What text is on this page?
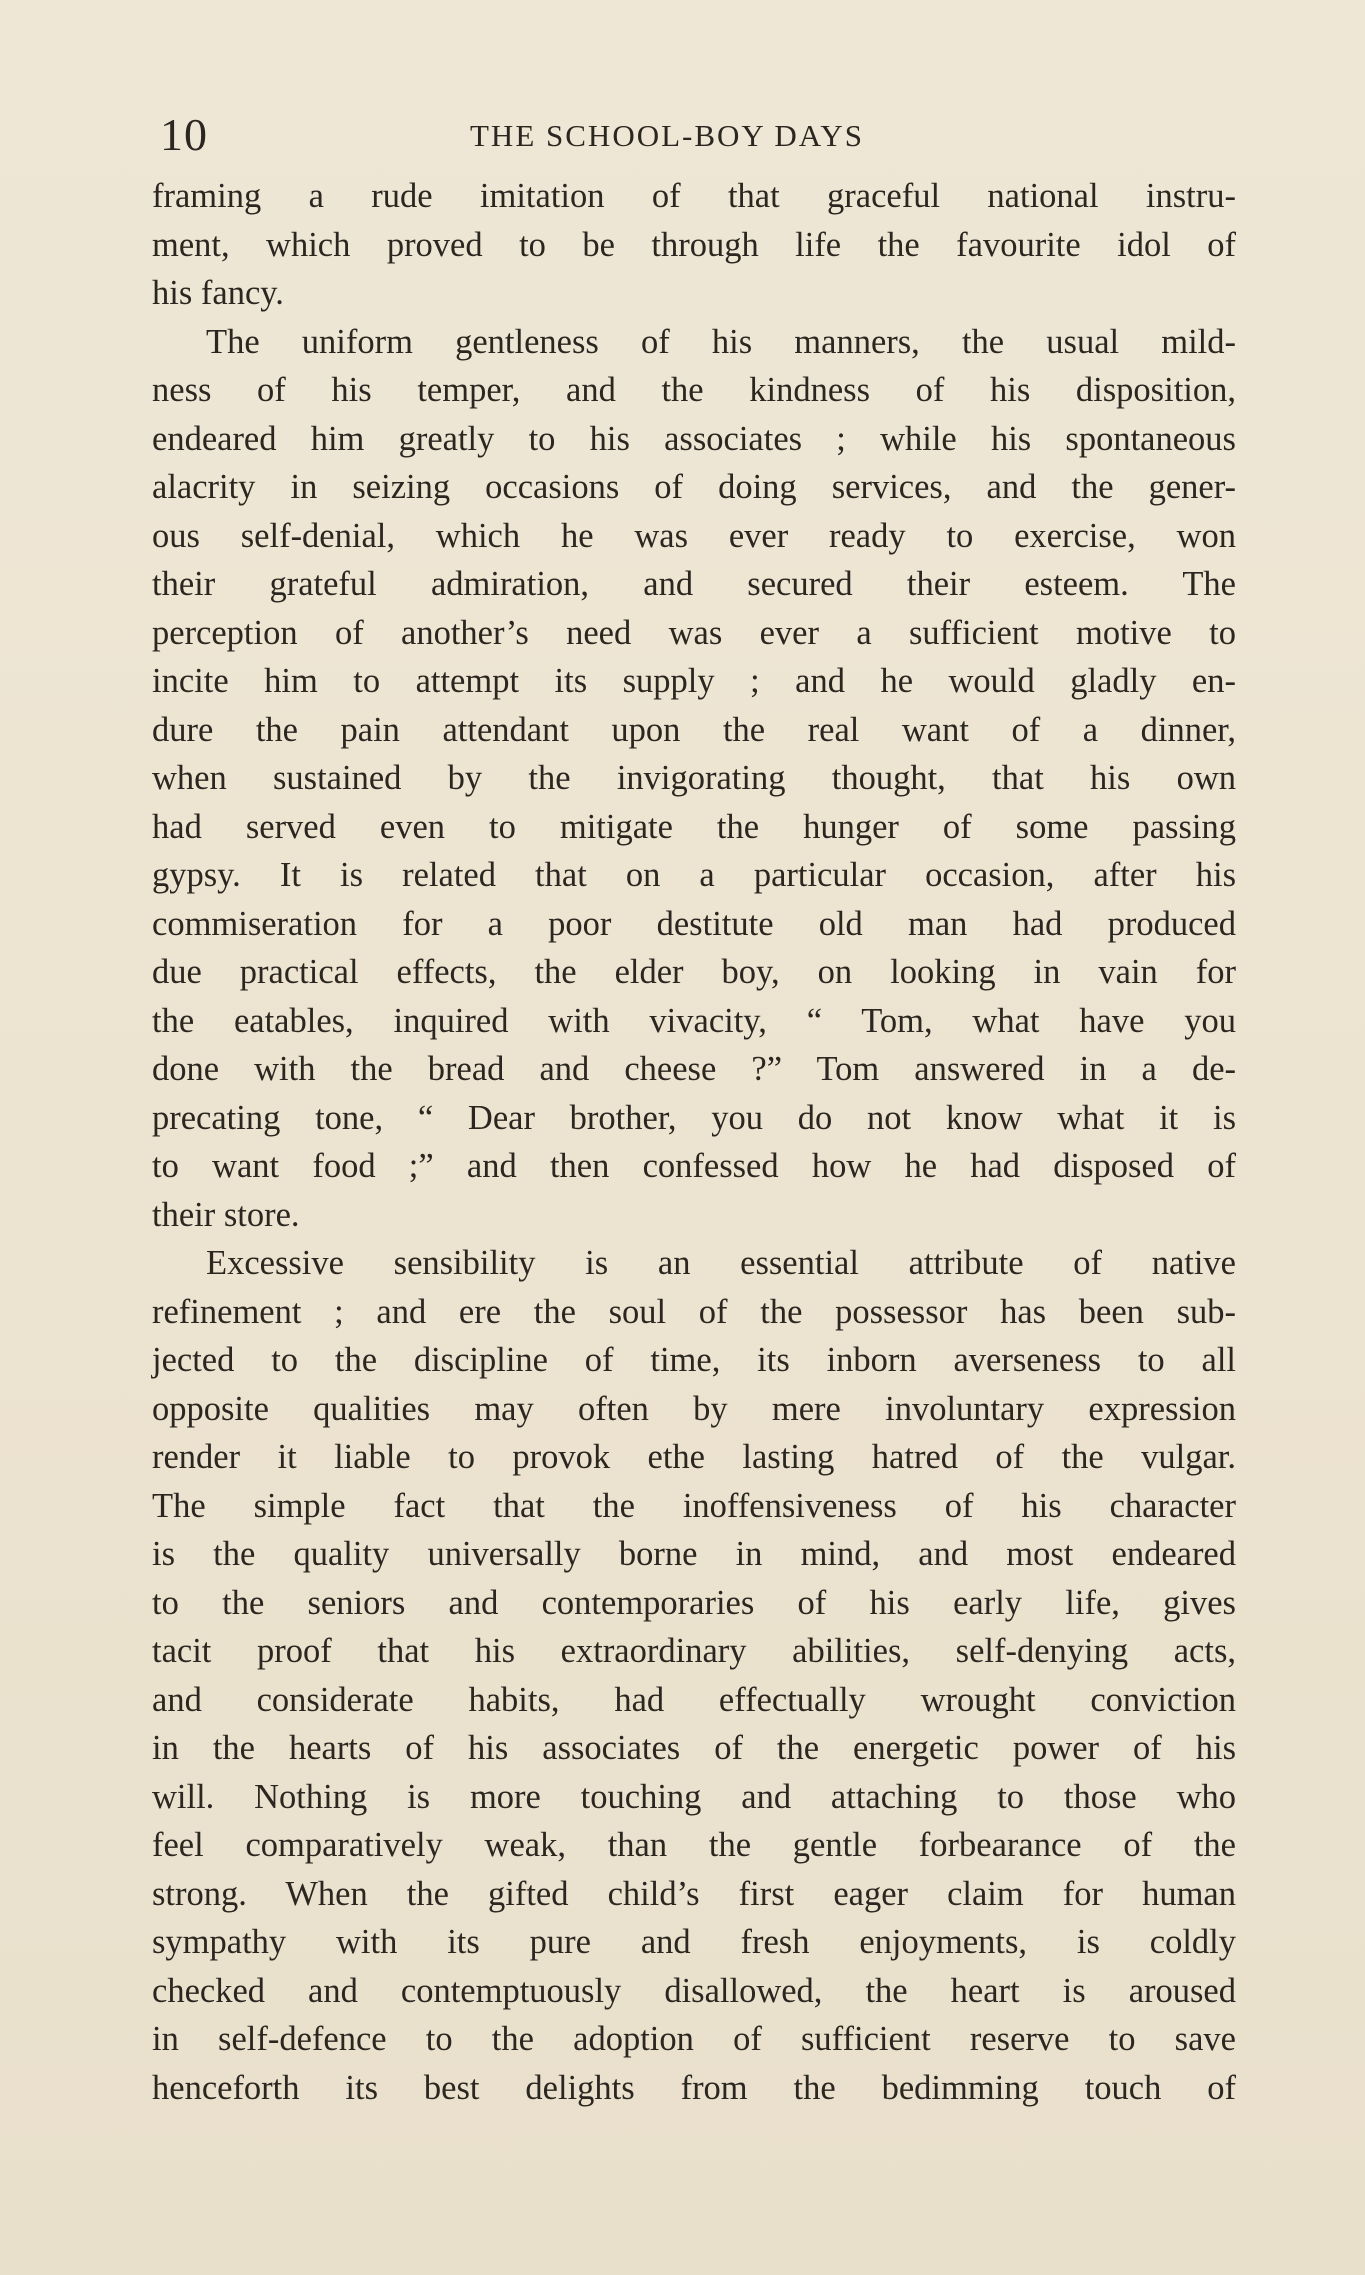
10	THE SCHOOL-BOY DAYS
framing a rude imitation of that graceful national instru-
ment, which proved to be through life the favourite idol of
his fancy.
The uniform gentleness of his manners, the usual mild-
ness of his temper, and the kindness of his disposition,
endeared him greatly to his associates ; while his spontaneous
alacrity in seizing occasions of doing services, and the gener-
ous self-denial, which he was ever ready to exercise, won
their grateful admiration, and secured their esteem. The
perception of another’s need was ever a sufficient motive to
incite him to attempt its supply ; and he would gladly en-
dure the pain attendant upon the real want of a dinner,
when sustained by the invigorating thought, that his own
had served even to mitigate the hunger of some passing
gypsy. It is related that on a particular occasion, after his
commiseration for a poor destitute old man had produced
due practical effects, the elder boy, on looking in vain for
the eatables, inquired with vivacity, “ Tom, what have you
done with the bread and cheese ?” Tom answered in a de-
precating tone, “ Dear brother, you do not know what it is
to want food ;” and then confessed how he had disposed of
their store.
Excessive sensibility is an essential attribute of native
refinement ; and ere the soul of the possessor has been sub-
jected to the discipline of time, its inborn averseness to all
opposite qualities may often by mere involuntary expression
render it liable to provok ethe lasting hatred of the vulgar.
The simple fact that the inoffensiveness of his character
is the quality universally borne in mind, and most endeared
to the seniors and contemporaries of his early life, gives
tacit proof that his extraordinary abilities, self-denying acts,
and considerate habits, had effectually wrought conviction
in the hearts of his associates of the energetic power of his
will. Nothing is more touching and attaching to those who
feel comparatively weak, than the gentle forbearance of the
strong. When the gifted child’s first eager claim for human
sympathy with its pure and fresh enjoyments, is coldly
checked and contemptuously disallowed, the heart is aroused
in self-defence to the adoption of sufficient reserve to save
henceforth its best delights from the bedimming touch of
